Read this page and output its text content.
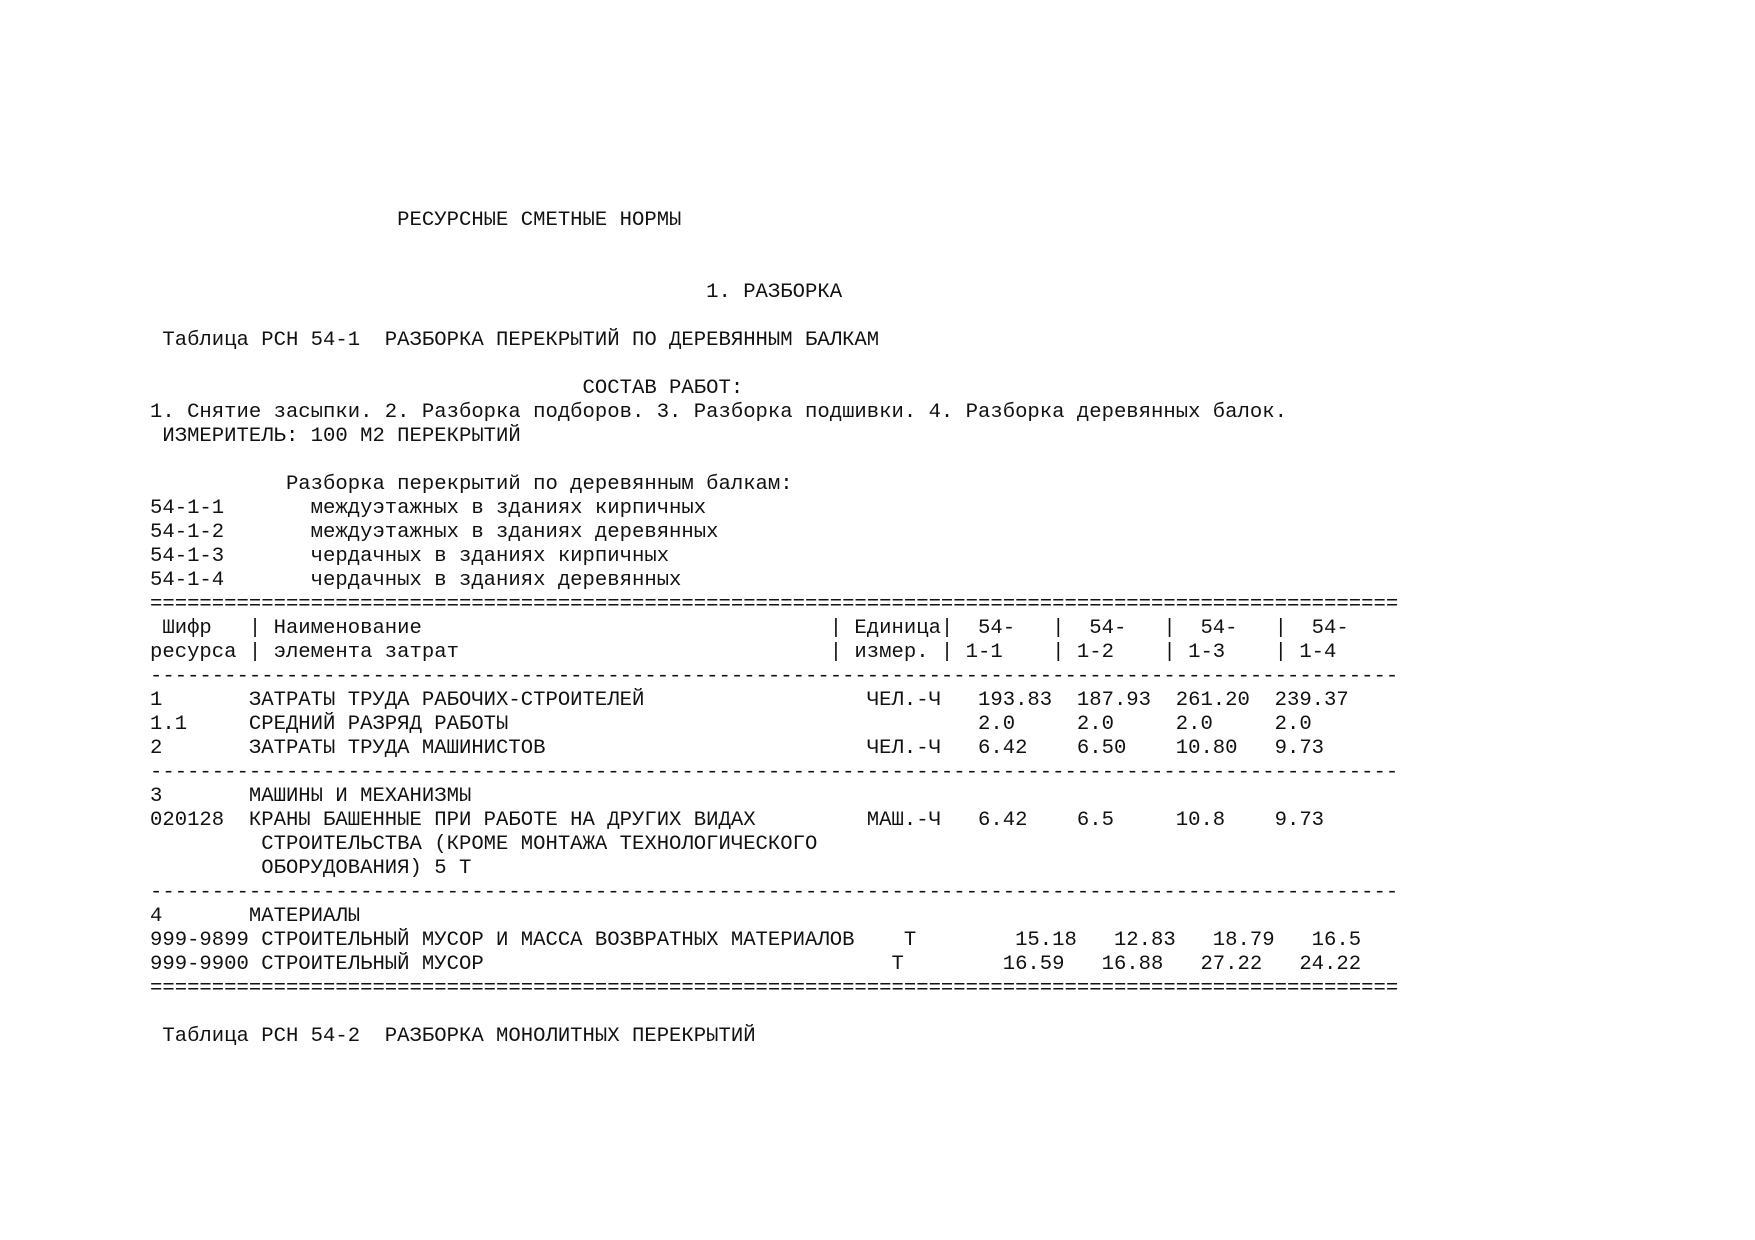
РЕСУРСНЫЕ СМЕТНЫЕ НОРМЫ
1. РАЗБОРКА
Таблица РСН 54-1  РАЗБОРКА ПЕРЕКРЫТИЙ ПО ДЕРЕВЯННЫМ БАЛКАМ
СОСТАВ РАБОТ:
1. Снятие засыпки. 2. Разборка подборов. 3. Разборка подшивки. 4. Разборка деревянных балок.
ИЗМЕРИТЕЛЬ: 100 М2 ПЕРЕКРЫТИЙ
Разборка перекрытий по деревянным балкам:
54-1-1       междуэтажных в зданиях кирпичных
54-1-2       междуэтажных в зданиях деревянных
54-1-3       чердачных в зданиях кирпичных
54-1-4       чердачных в зданиях деревянных
=====================================================================================================
Шифр   | Наименование                                 | Единица|  54-   |  54-   |  54-   |  54-
ресурса | элемента затрат                              | измер. | 1-1    | 1-2    | 1-3    | 1-4
-----------------------------------------------------------------------------------------------------
1       ЗАТРАТЫ ТРУДА РАБОЧИХ-СТРОИТЕЛЕЙ                  ЧЕЛ.-Ч   193.83  187.93  261.20  239.37
1.1     СРЕДНИЙ РАЗРЯД РАБОТЫ                                      2.0     2.0     2.0     2.0
2       ЗАТРАТЫ ТРУДА МАШИНИСТОВ                          ЧЕЛ.-Ч   6.42    6.50    10.80   9.73
-----------------------------------------------------------------------------------------------------
3       МАШИНЫ И МЕХАНИЗМЫ
020128  КРАНЫ БАШЕННЫЕ ПРИ РАБОТЕ НА ДРУГИХ ВИДАХ         МАШ.-Ч   6.42    6.5     10.8    9.73
СТРОИТЕЛЬСТВА (КРОМЕ МОНТАЖА ТЕХНОЛОГИЧЕСКОГО
ОБОРУДОВАНИЯ) 5 Т
-----------------------------------------------------------------------------------------------------
4       МАТЕРИАЛЫ
999-9899 СТРОИТЕЛЬНЫЙ МУСОР И МАССА ВОЗВРАТНЫХ МАТЕРИАЛОВ    Т        15.18   12.83   18.79   16.5
999-9900 СТРОИТЕЛЬНЫЙ МУСОР                                 Т        16.59   16.88   27.22   24.22
=====================================================================================================
Таблица РСН 54-2  РАЗБОРКА МОНОЛИТНЫХ ПЕРЕКРЫТИЙ
